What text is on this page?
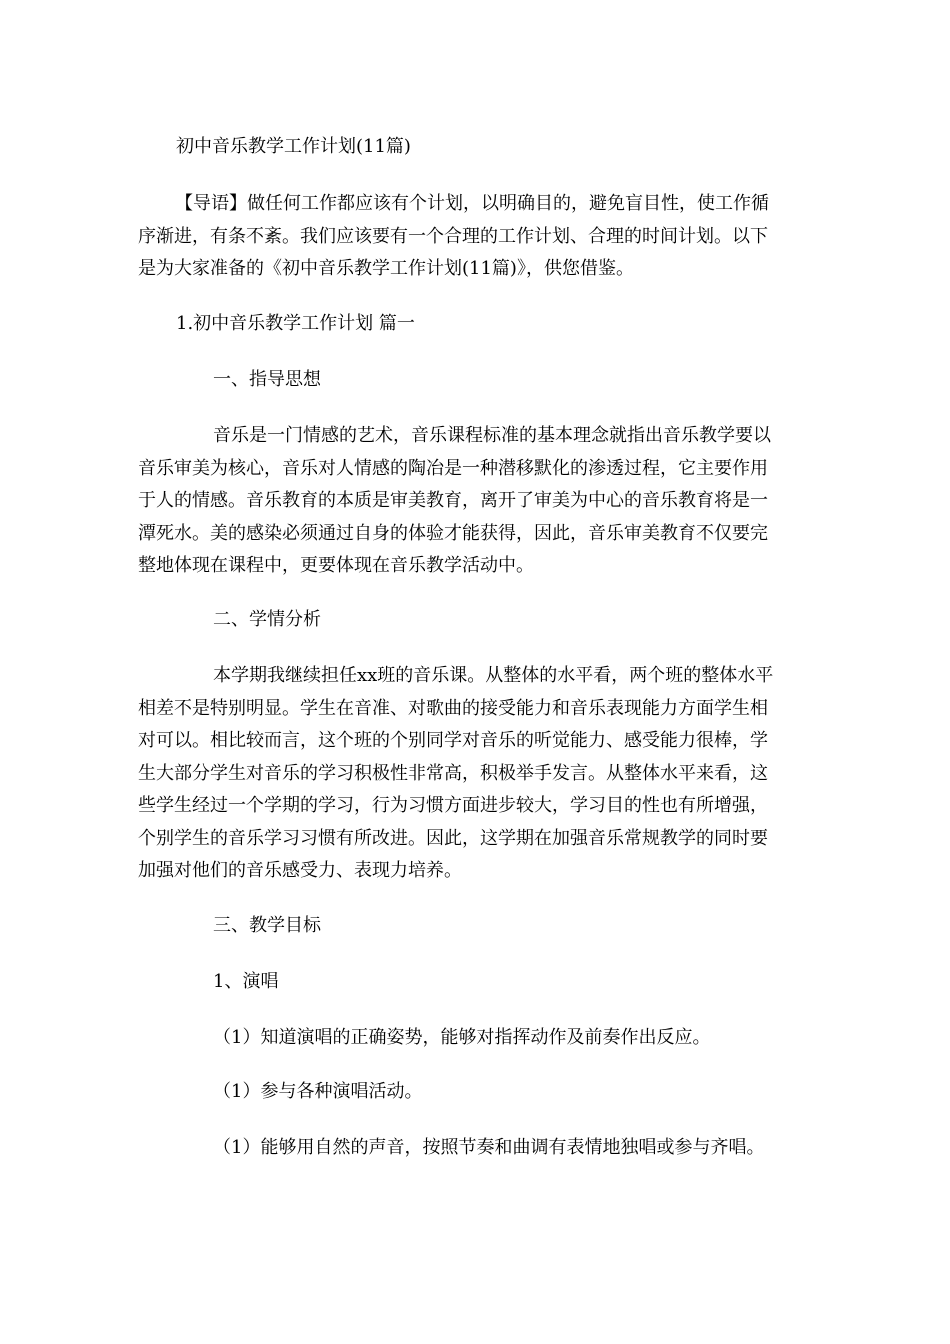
初中音乐教学工作计划(11篇)

【导语】做任何工作都应该有个计划，以明确目的，避免盲目性，使工作循
序渐进，有条不紊。我们应该要有一个合理的工作计划、合理的时间计划。以下
是为大家准备的《初中音乐教学工作计划(11篇)》，供您借鉴。

1.初中音乐教学工作计划 篇一

一、指导思想

音乐是一门情感的艺术，音乐课程标准的基本理念就指出音乐教学要以
音乐审美为核心，音乐对人情感的陶冶是一种潜移默化的渗透过程，它主要作用
于人的情感。音乐教育的本质是审美教育，离开了审美为中心的音乐教育将是一
潭死水。美的感染必须通过自身的体验才能获得，因此，音乐审美教育不仅要完
整地体现在课程中，更要体现在音乐教学活动中。

二、学情分析

本学期我继续担任xx班的音乐课。从整体的水平看，两个班的整体水平
相差不是特别明显。学生在音准、对歌曲的接受能力和音乐表现能力方面学生相
对可以。相比较而言，这个班的个别同学对音乐的听觉能力、感受能力很棒，学
生大部分学生对音乐的学习积极性非常高，积极举手发言。从整体水平来看，这
些学生经过一个学期的学习，行为习惯方面进步较大，学习目的性也有所增强，
个别学生的音乐学习习惯有所改进。因此，这学期在加强音乐常规教学的同时要
加强对他们的音乐感受力、表现力培养。

三、教学目标

1、演唱

（1）知道演唱的正确姿势，能够对指挥动作及前奏作出反应。

（1）参与各种演唱活动。

（1）能够用自然的声音，按照节奏和曲调有表情地独唱或参与齐唱。
